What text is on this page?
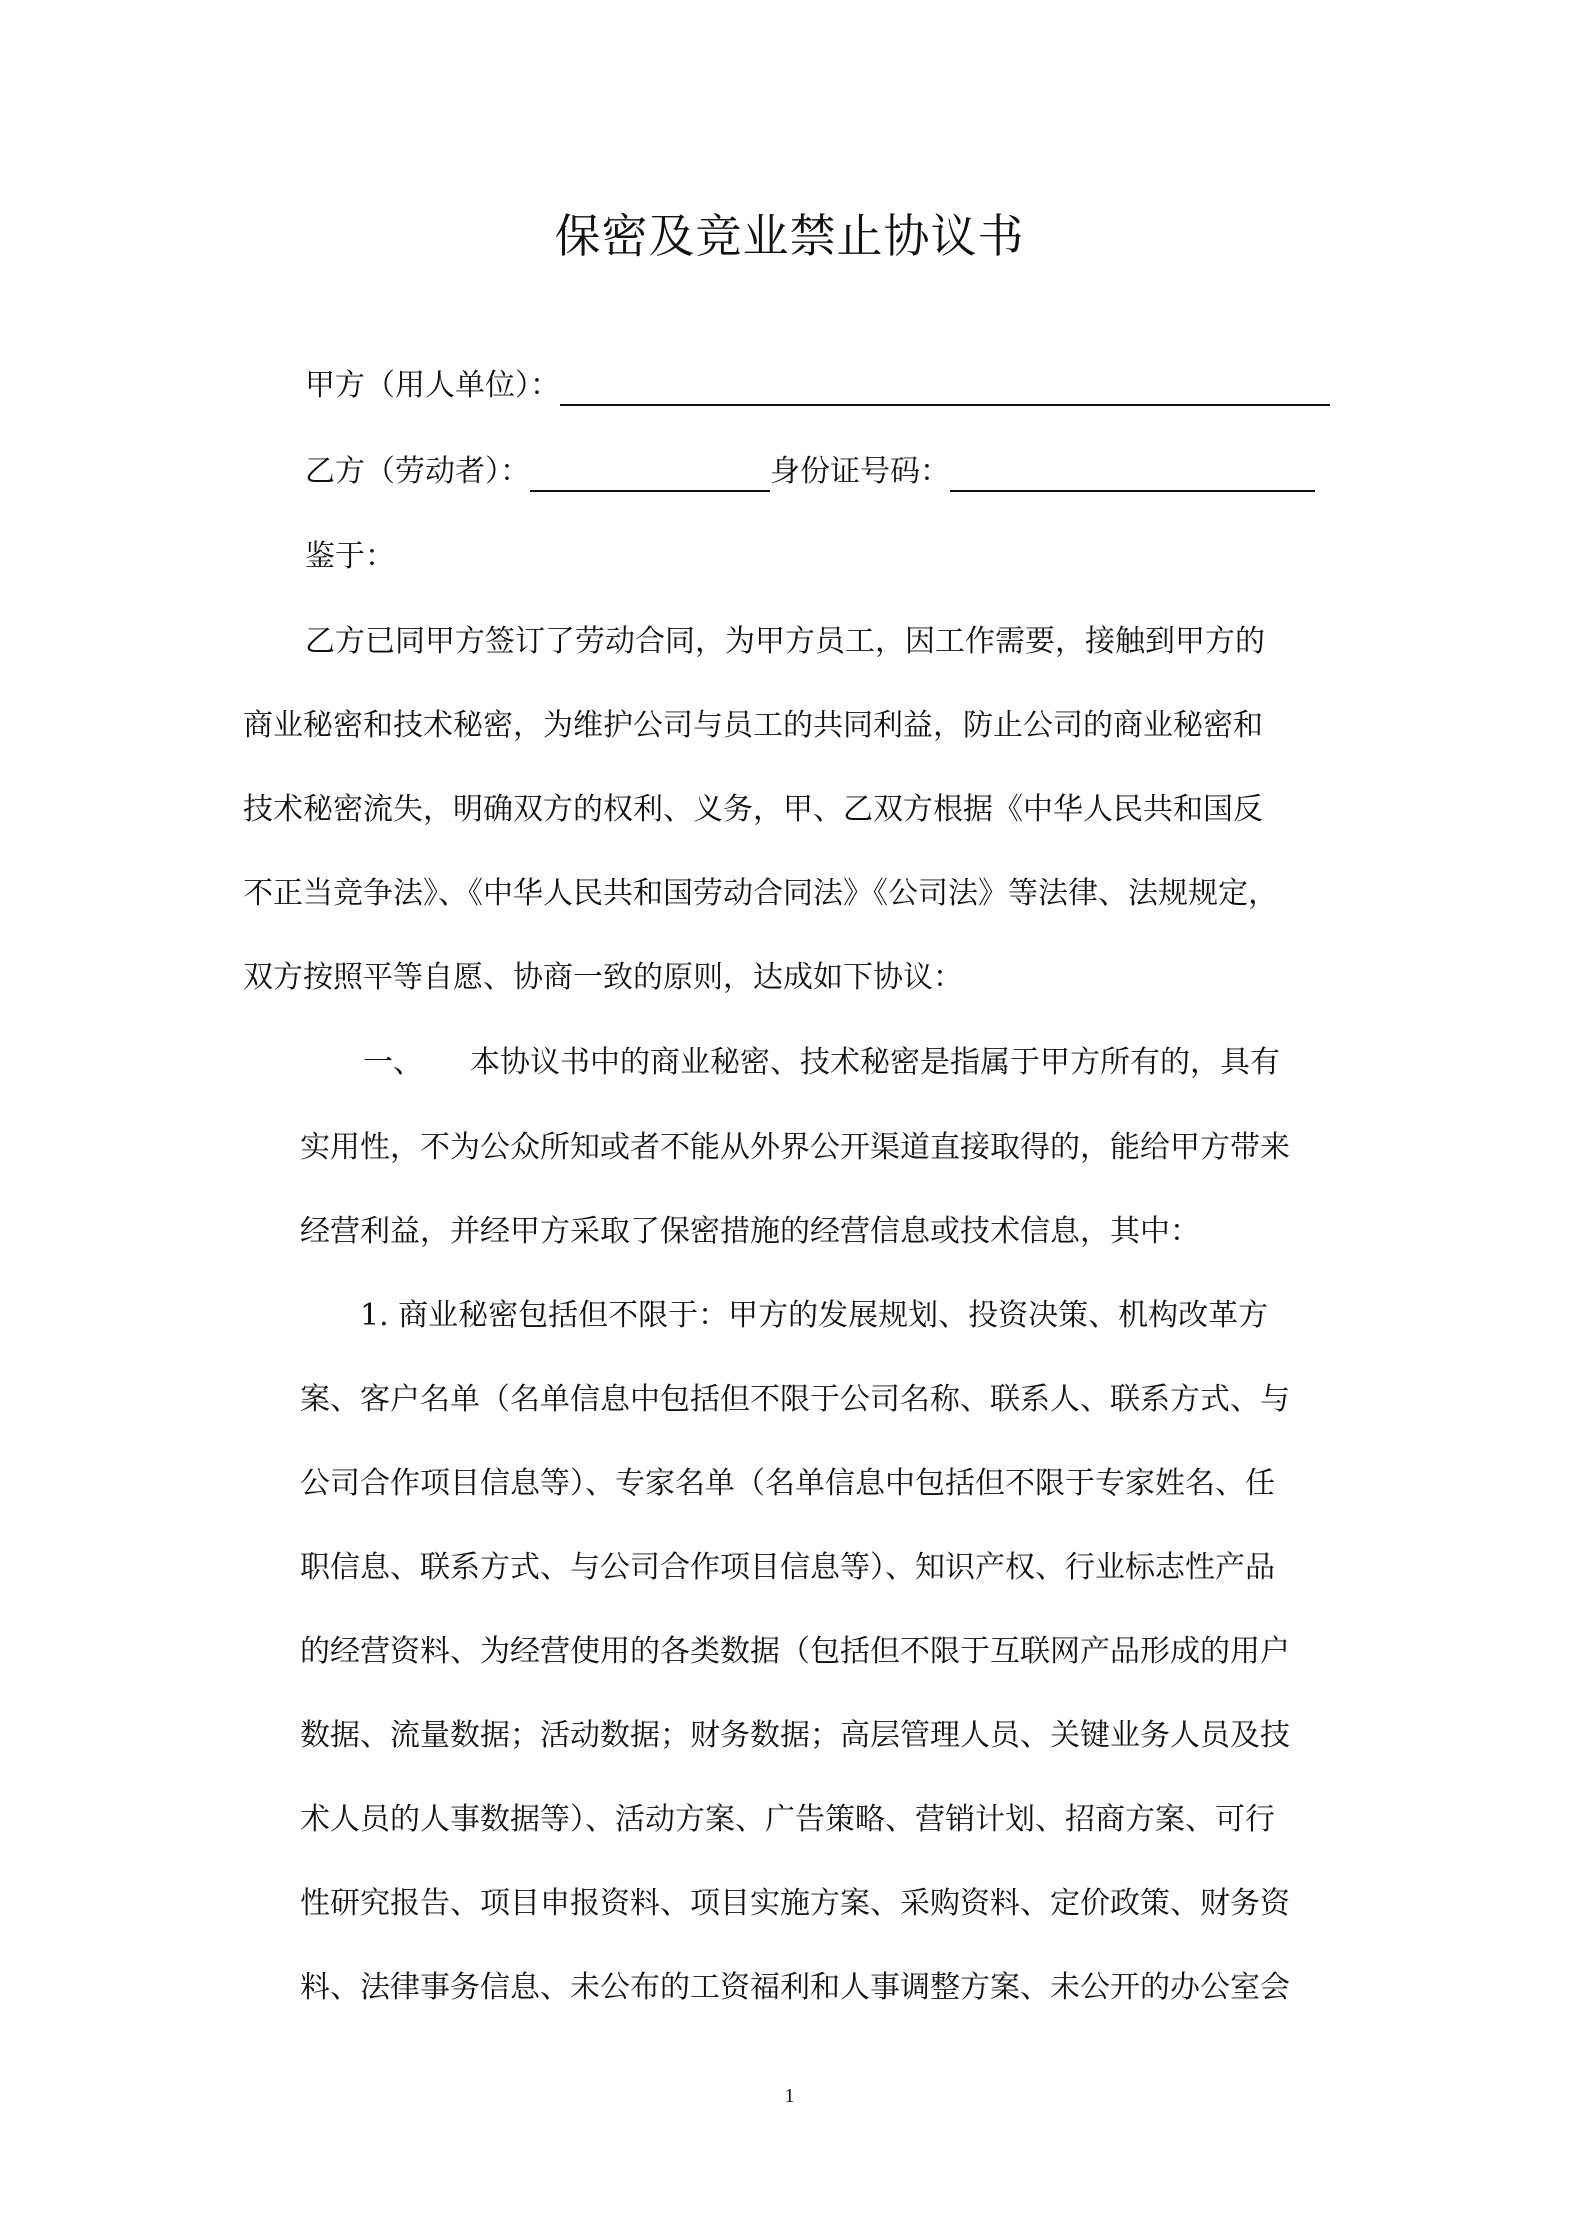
保密及竞业禁止协议书
甲方（用人单位）：
乙方（劳动者）：	身份证号码：
鉴于：
乙方已同甲方签订了劳动合同，为甲方员工，因工作需要，接触到甲方的
商业秘密和技术秘密，为维护公司与员工的共同利益，防止公司的商业秘密和
技术秘密流失，明确双方的权利、义务，甲、乙双方根据《中华人民共和国反
不正当竞争法》、《中华人民共和国劳动合同法》《公司法》等法律、法规规定，
双方按照平等自愿、协商一致的原则，达成如下协议：
一、 本协议书中的商业秘密、技术秘密是指属于甲方所有的，具有
实用性，不为公众所知或者不能从外界公开渠道直接取得的，能给甲方带来
经营利益，并经甲方采取了保密措施的经营信息或技术信息，其中：
1. 商业秘密包括但不限于：甲方的发展规划、投资决策、机构改革方
案、客户名单（名单信息中包括但不限于公司名称、联系人、联系方式、与
公司合作项目信息等）、专家名单（名单信息中包括但不限于专家姓名、任
职信息、联系方式、与公司合作项目信息等）、知识产权、行业标志性产品
的经营资料、为经营使用的各类数据（包括但不限于互联网产品形成的用户
数据、流量数据；活动数据；财务数据；高层管理人员、关键业务人员及技
术人员的人事数据等）、活动方案、广告策略、营销计划、招商方案、可行
性研究报告、项目申报资料、项目实施方案、采购资料、定价政策、财务资
料、法律事务信息、未公布的工资福利和人事调整方案、未公开的办公室会
1
